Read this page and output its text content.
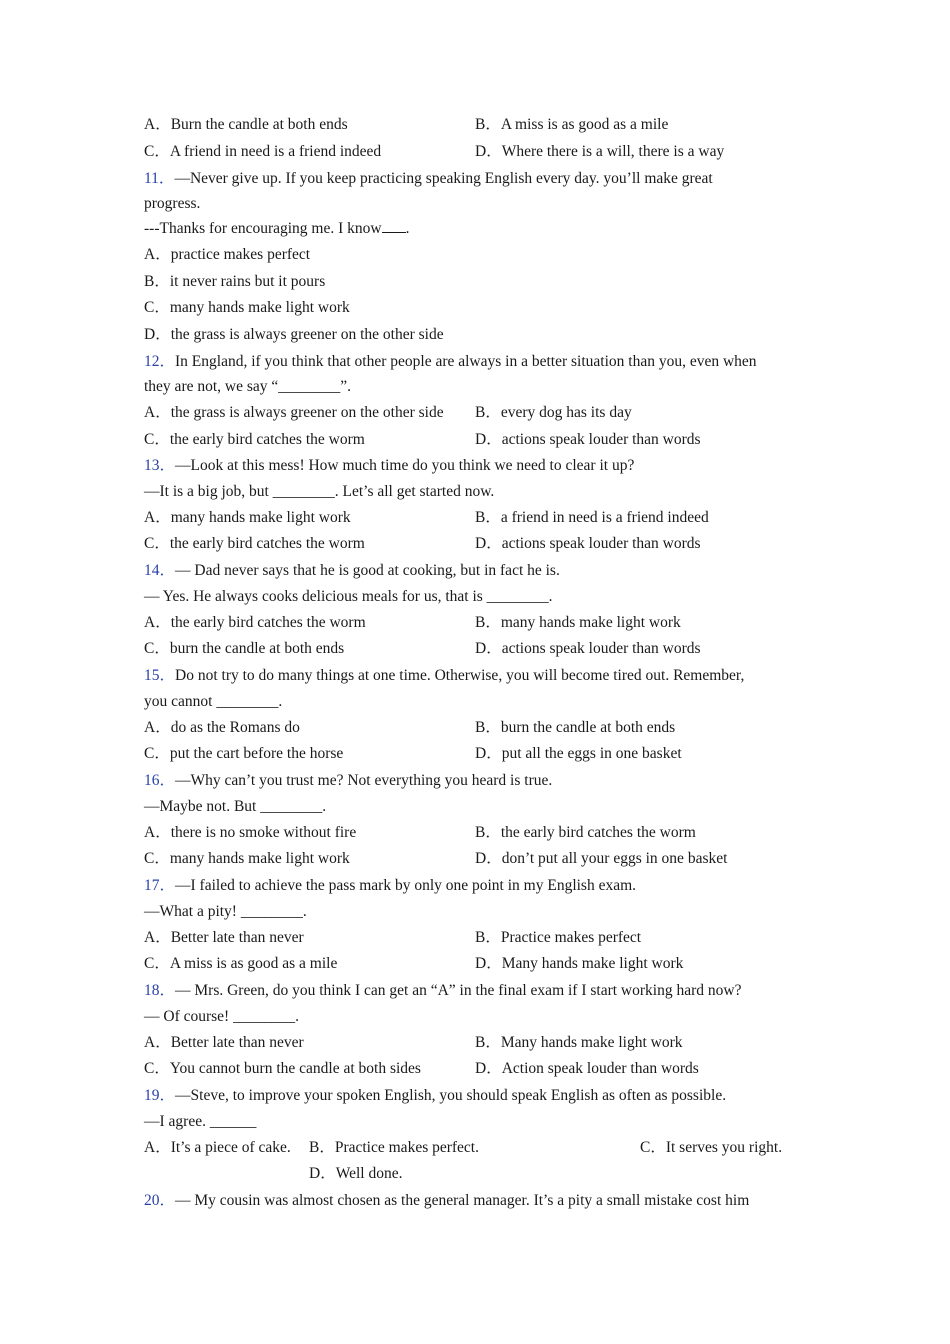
A．Burn the candle at both ends	B．A miss is as good as a mile
C．A friend in need is a friend indeed	D．Where there is a will, there is a way
11．—Never give up. If you keep practicing speaking English every day. you’ll make great
progress.
---Thanks for encouraging me. I know .
A．practice makes perfect
B．it never rains but it pours
C．many hands make light work
D．the grass is always greener on the other side
12．In England, if you think that other people are always in a better situation than you, even when
they are not, we say “________”.
A．the grass is always greener on the other side B．every dog has its day
C．the early bird catches the worm	D．actions speak louder than words
13．—Look at this mess! How much time do you think we need to clear it up?
—It is a big job, but ________. Let’s all get started now.
A．many hands make light work	B．a friend in need is a friend indeed
C．the early bird catches the worm	D．actions speak louder than words
14．— Dad never says that he is good at cooking, but in fact he is.
— Yes. He always cooks delicious meals for us, that is ________.
A．the early bird catches the worm	B．many hands make light work
C．burn the candle at both ends	D．actions speak louder than words
15．Do not try to do many things at one time. Otherwise, you will become tired out. Remember,
you cannot ________.
A．do as the Romans do	B．burn the candle at both ends
C．put the cart before the horse	D．put all the eggs in one basket
16．—Why can’t you trust me? Not everything you heard is true.
—Maybe not. But ________.
A．there is no smoke without fire	B．the early bird catches the worm
C．many hands make light work	D．don’t put all your eggs in one basket
17．—I failed to achieve the pass mark by only one point in my English exam.
—What a pity! ________.
A．Better late than never	B．Practice makes perfect
C．A miss is as good as a mile	D．Many hands make light work
18．— Mrs. Green, do you think I can get an “A” in the final exam if I start working hard now?
— Of course! ________.
A．Better late than never	B．Many hands make light work
C．You cannot burn the candle at both sides	D．Action speak louder than words
19．—Steve, to improve your spoken English, you should speak English as often as possible.
—I agree. ______
A．It’s a piece of cake. B．Practice makes perfect.	C．It serves you right.
D．Well done.
20．— My cousin was almost chosen as the general manager. It’s a pity a small mistake cost him
